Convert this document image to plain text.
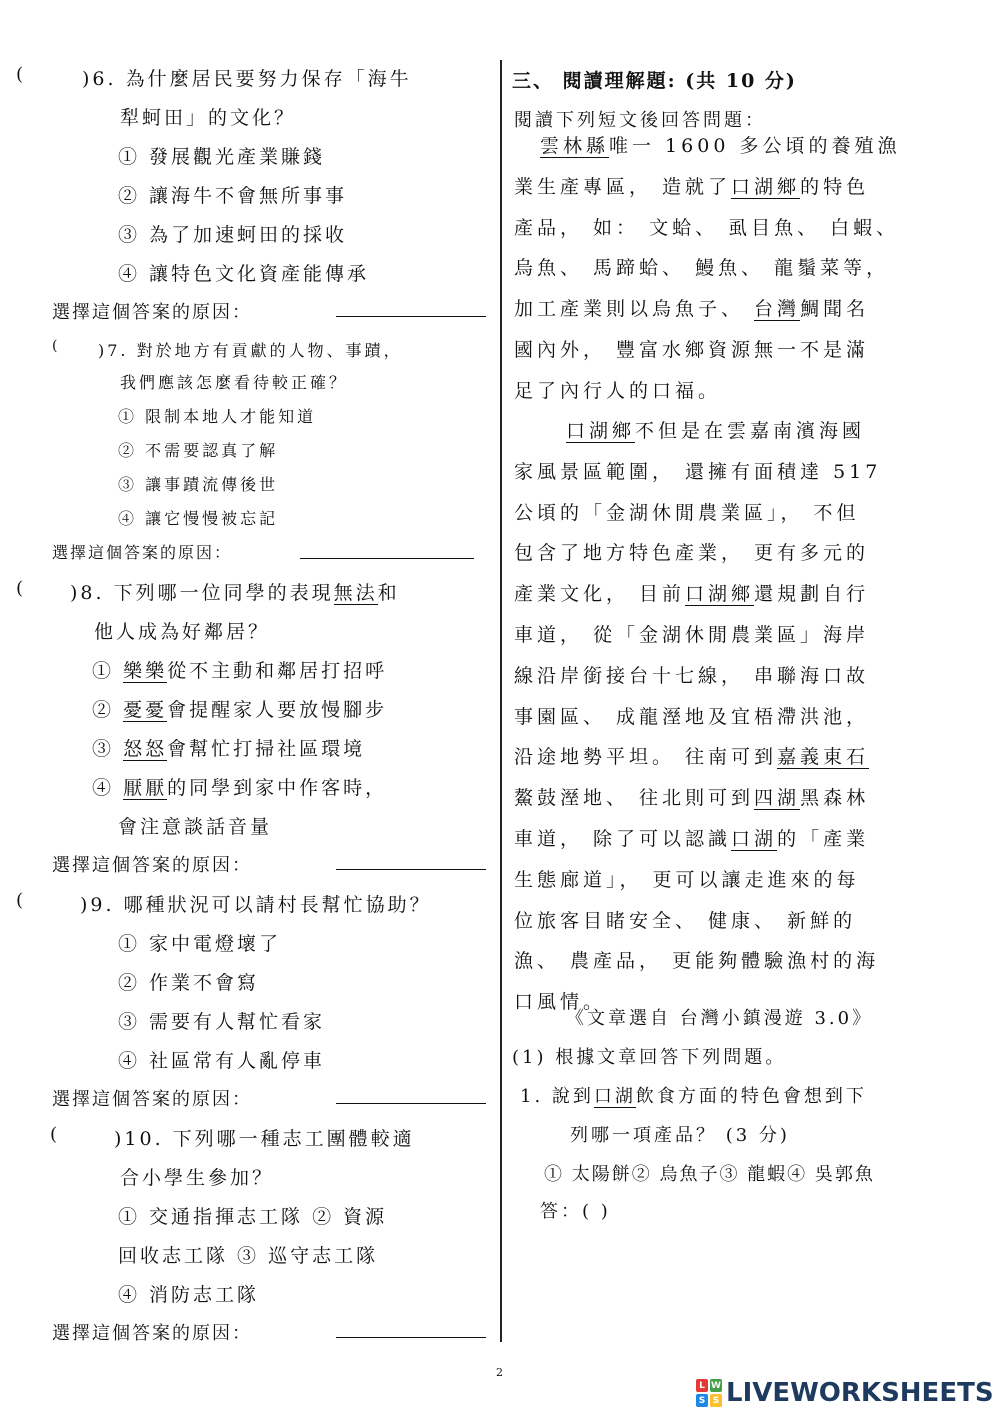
(	)6. 為什麼居民要努力保存「海牛
犁蚵田」的文化？
① 發展觀光產業賺錢
② 讓海牛不會無所事事
③ 為了加速蚵田的採收
④ 讓特色文化資產能傳承
選擇這個答案的原因：
(	)7. 對於地方有貢獻的人物、事蹟，
我們應該怎麼看待較正確？
① 限制本地人才能知道
② 不需要認真了解
③ 讓事蹟流傳後世
④ 讓它慢慢被忘記
選擇這個答案的原因：
( )8. 下列哪一位同學的表現無法和
他人成為好鄰居？
① 樂樂從不主動和鄰居打招呼
② 憂憂會提醒家人要放慢腳步
③ 怒怒會幫忙打掃社區環境
④ 厭厭的同學到家中作客時，
會注意談話音量
選擇這個答案的原因：
(	)9. 哪種狀況可以請村長幫忙協助？
① 家中電燈壞了
② 作業不會寫
③ 需要有人幫忙看家
④ 社區常有人亂停車
選擇這個答案的原因：
(	)10. 下列哪一種志工團體較適
合小學生參加？
① 交通指揮志工隊 ② 資源
回收志工隊 ③ 巡守志工隊
④ 消防志工隊
選擇這個答案的原因：
三、 閱讀理解題: (共 10 分)
閱讀下列短文後回答問題：
雲林縣唯一 1600 多公頃的養殖漁
業生產專區， 造就了口湖鄉的特色
產品， 如： 文蛤、 虱目魚、 白蝦、
烏魚、 馬蹄蛤、 鰻魚、 龍鬚菜等，
加工產業則以烏魚子、 台灣鯛聞名
國內外， 豐富水鄉資源無一不是滿
足了內行人的口福。
口湖鄉不但是在雲嘉南濱海國
家風景區範圍， 還擁有面積達 517
公頃的「金湖休閒農業區」， 不但
包含了地方特色產業， 更有多元的
產業文化， 目前口湖鄉還規劃自行
車道， 從「金湖休閒農業區」海岸
線沿岸銜接台十七線， 串聯海口故
事園區、 成龍溼地及宜梧滯洪池，
沿途地勢平坦。 往南可到嘉義東石
鰲鼓溼地、 往北則可到四湖黑森林
車道， 除了可以認識口湖的「產業
生態廊道」， 更可以讓走進來的每
位旅客目睹安全、 健康、 新鮮的
漁、 農產品， 更能夠體驗漁村的海
口風情。
《文章選自 台灣小鎮漫遊 3.0》
(1) 根據文章回答下列問題。
1. 說到口湖飲食方面的特色會想到下
列哪一項產品？ (3 分)
① 太陽餅② 烏魚子③ 龍蝦④ 吳郭魚
答：( )
2
L W
S S LIVEWORKSHEETS
